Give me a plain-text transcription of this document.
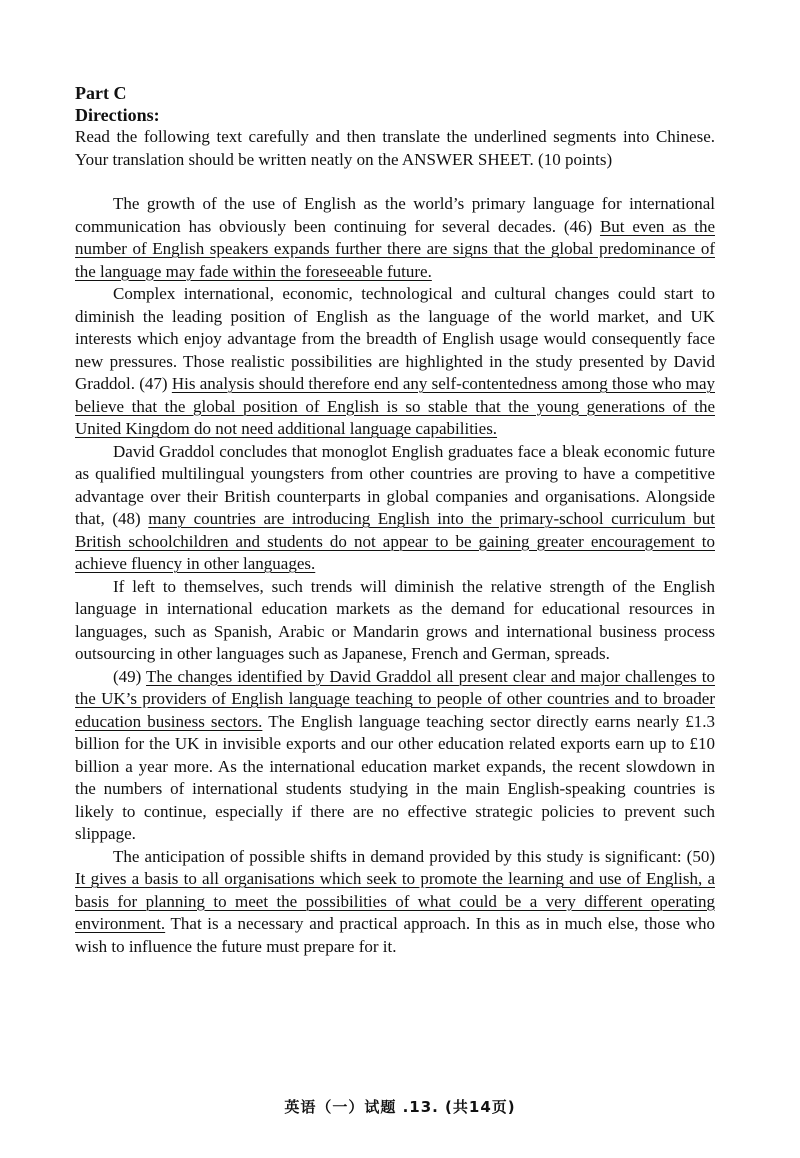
Part C
Directions:
Read the following text carefully and then translate the underlined segments into Chinese. Your translation should be written neatly on the ANSWER SHEET. (10 points)

The growth of the use of English as the world’s primary language for international communication has obviously been continuing for several decades. (46) But even as the number of English speakers expands further there are signs that the global predominance of the language may fade within the foreseeable future.

Complex international, economic, technological and cultural changes could start to diminish the leading position of English as the language of the world market, and UK interests which enjoy advantage from the breadth of English usage would consequently face new pressures. Those realistic possibilities are highlighted in the study presented by David Graddol. (47) His analysis should therefore end any self-contentedness among those who may believe that the global position of English is so stable that the young generations of the United Kingdom do not need additional language capabilities.

David Graddol concludes that monoglot English graduates face a bleak economic future as qualified multilingual youngsters from other countries are proving to have a competitive advantage over their British counterparts in global companies and organisations. Alongside that, (48) many countries are introducing English into the primary-school curriculum but British schoolchildren and students do not appear to be gaining greater encouragement to achieve fluency in other languages.

If left to themselves, such trends will diminish the relative strength of the English language in international education markets as the demand for educational resources in languages, such as Spanish, Arabic or Mandarin grows and international business process outsourcing in other languages such as Japanese, French and German, spreads.

(49) The changes identified by David Graddol all present clear and major challenges to the UK’s providers of English language teaching to people of other countries and to broader education business sectors. The English language teaching sector directly earns nearly £1.3 billion for the UK in invisible exports and our other education related exports earn up to £10 billion a year more. As the international education market expands, the recent slowdown in the numbers of international students studying in the main English-speaking countries is likely to continue, especially if there are no effective strategic policies to prevent such slippage.

The anticipation of possible shifts in demand provided by this study is significant: (50) It gives a basis to all organisations which seek to promote the learning and use of English, a basis for planning to meet the possibilities of what could be a very different operating environment. That is a necessary and practical approach. In this as in much else, those who wish to influence the future must prepare for it.

英语（一）试题 .13. (共14页)
